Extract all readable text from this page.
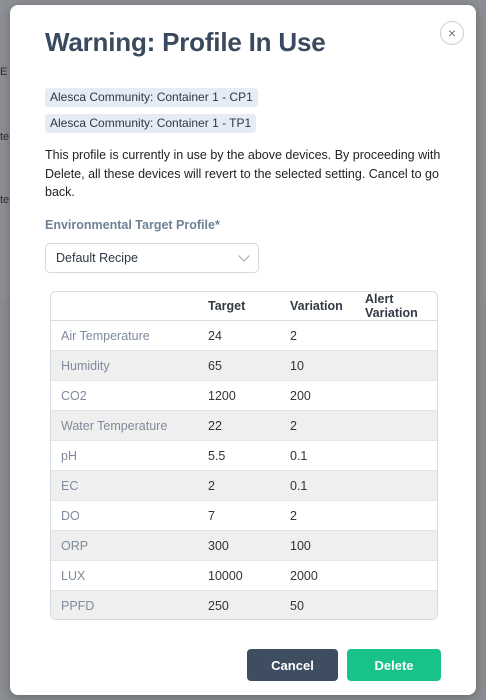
E
te
te
×
Warning: Profile In Use
Alesca Community: Container 1 - CP1
Alesca Community: Container 1 - TP1

This profile is currently in use by the above devices. By proceeding with Delete, all these devices will revert to the selected setting. Cancel to go back.

Environmental Target Profile*
Default Recipe
	Target	Variation	Alert Variation
Air Temperature	24	2	
Humidity	65	10	
CO2	1200	200	
Water Temperature	22	2	
pH	5.5	0.1	
EC	2	0.1	
DO	7	2	
ORP	300	100	
LUX	10000	2000	
PPFD	250	50	
Cancel	Delete
